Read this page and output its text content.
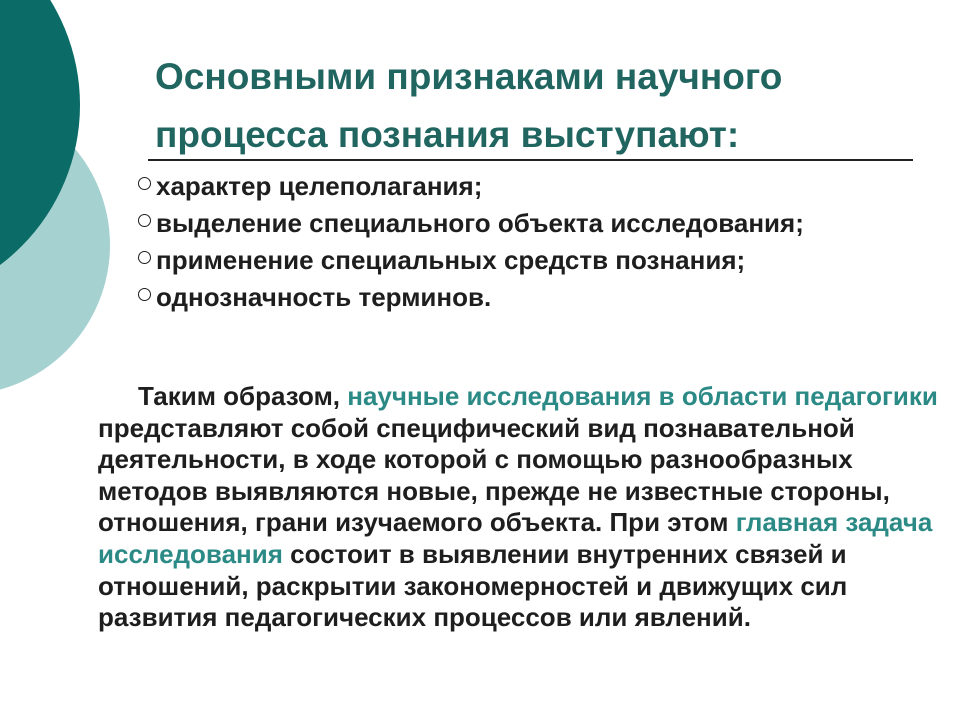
Основными признаками научного процесса познания выступают:
характер целеполагания;
выделение специального объекта исследования;
применение специальных средств познания;
однозначность терминов.

Таким образом, научные исследования в области педагогики представляют собой специфический вид познавательной деятельности, в ходе которой с помощью разнообразных методов выявляются новые, прежде не известные стороны, отношения, грани изучаемого объекта. При этом главная задача исследования состоит в выявлении внутренних связей и отношений, раскрытии закономерностей и движущих сил развития педагогических процессов или явлений.
